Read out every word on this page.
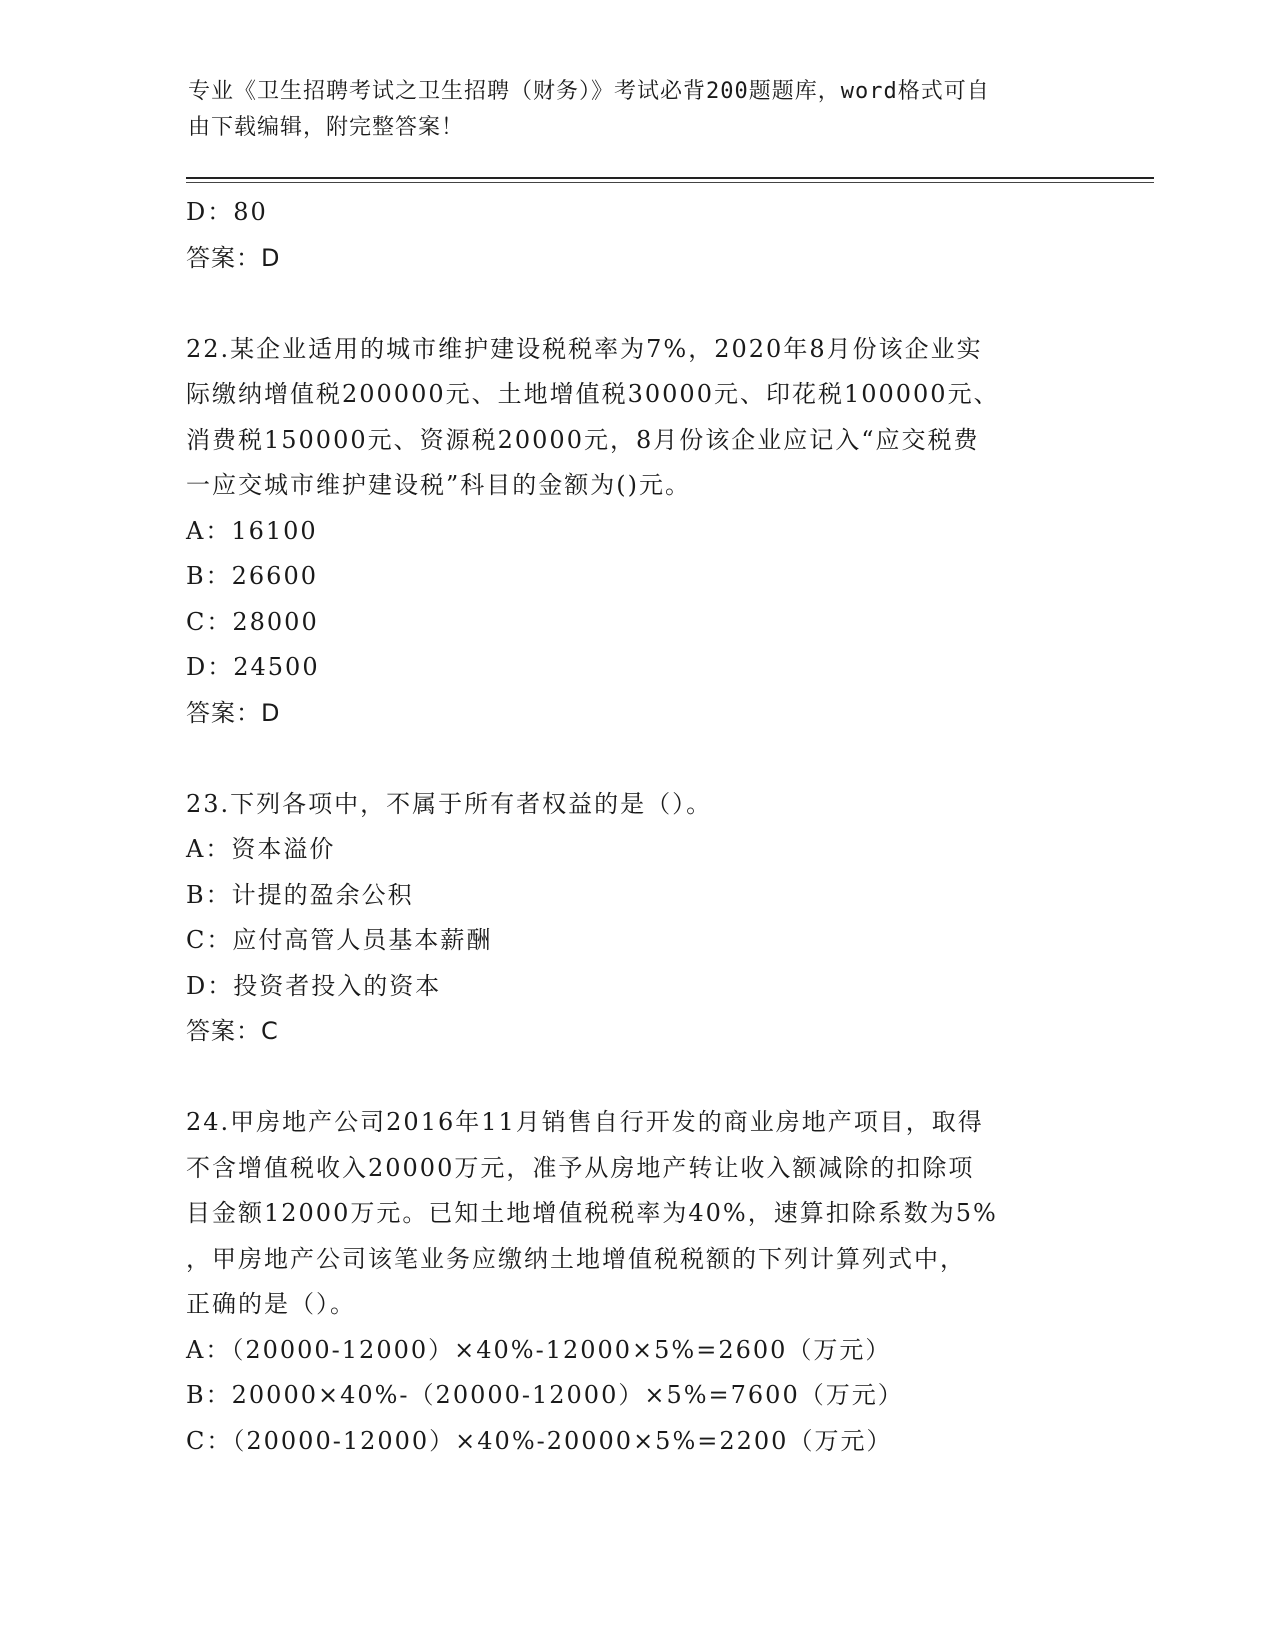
专业《卫生招聘考试之卫生招聘（财务）》考试必背200题题库，word格式可自
由下载编辑，附完整答案！
D：80
答案：D
22.某企业适用的城市维护建设税税率为7%，2020年8月份该企业实
际缴纳增值税200000元、土地增值税30000元、印花税100000元、
消费税150000元、资源税20000元，8月份该企业应记入“应交税费
一应交城市维护建设税”科目的金额为()元。
A：16100
B：26600
C：28000
D：24500
答案：D
23.下列各项中，不属于所有者权益的是（）。
A：资本溢价
B：计提的盈余公积
C：应付高管人员基本薪酬
D：投资者投入的资本
答案：C
24.甲房地产公司2016年11月销售自行开发的商业房地产项目，取得
不含增值税收入20000万元，准予从房地产转让收入额减除的扣除项
目金额12000万元。已知土地增值税税率为40%，速算扣除系数为5%
，甲房地产公司该笔业务应缴纳土地增值税税额的下列计算列式中，
正确的是（）。
A：（20000-12000）×40%-12000×5%=2600（万元）
B：20000×40%-（20000-12000）×5%=7600（万元）
C：（20000-12000）×40%-20000×5%=2200（万元）
